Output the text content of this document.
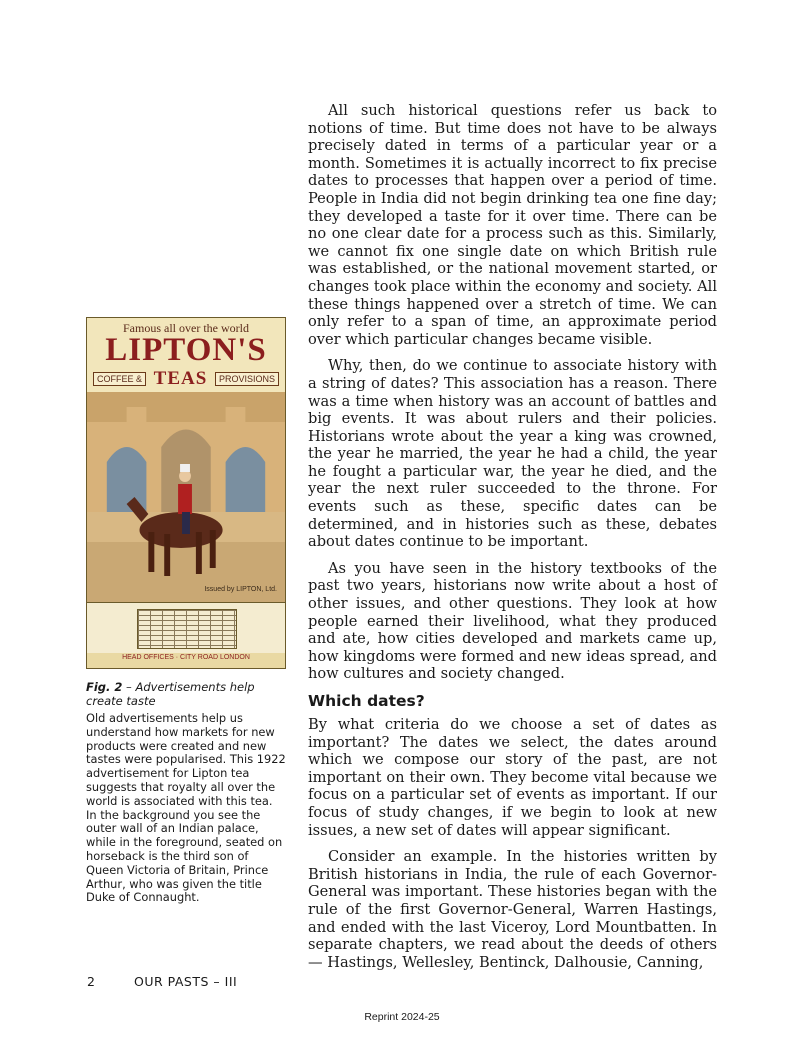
All such historical questions refer us back to notions of time. But time does not have to be always precisely dated in terms of a particular year or a month. Sometimes it is actually incorrect to fix precise dates to processes that happen over a period of time. People in India did not begin drinking tea one fine day; they developed a taste for it over time. There can be no one clear date for a process such as this. Similarly, we cannot fix one single date on which British rule was established, or the national movement started, or changes took place within the economy and society. All these things happened over a stretch of time. We can only refer to a span of time, an approximate period over which particular changes became visible.

Why, then, do we continue to associate history with a string of dates? This association has a reason. There was a time when history was an account of battles and big events. It was about rulers and their policies. Historians wrote about the year a king was crowned, the year he married, the year he had a child, the year he fought a particular war, the year he died, and the year the next ruler succeeded to the throne. For events such as these, specific dates can be determined, and in histories such as these, debates about dates continue to be important.

As you have seen in the history textbooks of the past two years, historians now write about a host of other issues, and other questions. They look at how people earned their livelihood, what they produced and ate, how cities developed and markets came up, how kingdoms were formed and new ideas spread, and how cultures and society changed.

Which dates?

By what criteria do we choose a set of dates as important? The dates we select, the dates around which we compose our story of the past, are not important on their own. They become vital because we focus on a particular set of events as important. If our focus of study changes, if we begin to look at new issues, a new set of dates will appear significant.

Consider an example. In the histories written by British historians in India, the rule of each Governor-General was important. These histories began with the rule of the first Governor-General, Warren Hastings, and ended with the last Viceroy, Lord Mountbatten. In separate chapters, we read about the deeds of others — Hastings, Wellesley, Bentinck, Dalhousie, Canning,

Famous all over the world
LIPTON'S
COFFEE & TEAS	PROVISIONS
Issued by LIPTON, Ltd.
HEAD OFFICES · CITY ROAD LONDON
Fig. 2 – Advertisements help create taste
Old advertisements help us understand how markets for new products were created and new tastes were popularised. This 1922 advertisement for Lipton tea suggests that royalty all over the world is associated with this tea. In the background you see the outer wall of an Indian palace, while in the foreground, seated on horseback is the third son of Queen Victoria of Britain, Prince Arthur, who was given the title Duke of Connaught.
2	OUR PASTS – III
Reprint 2024-25
